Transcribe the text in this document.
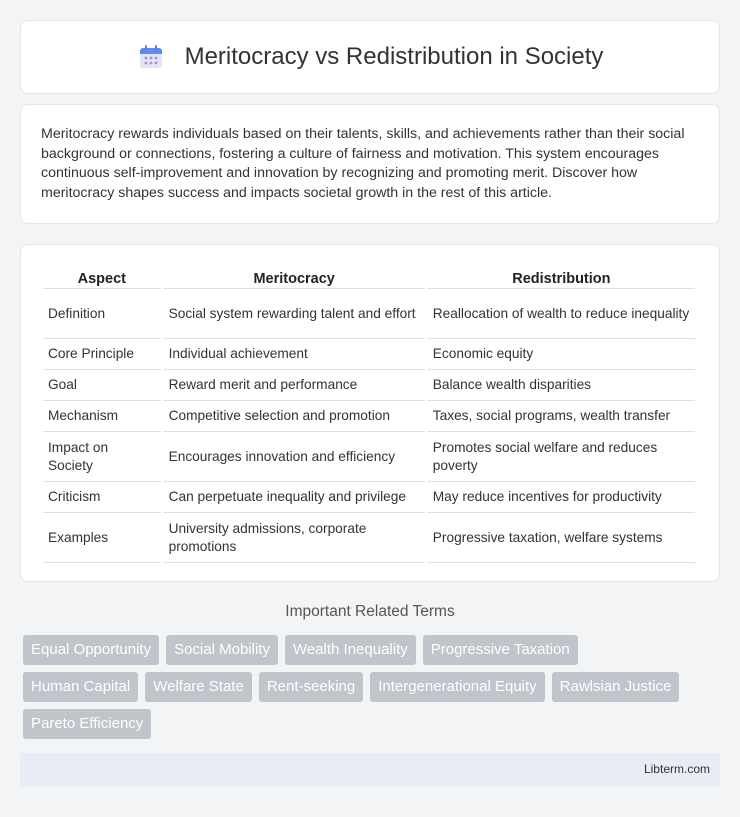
Meritocracy vs Redistribution in Society

Meritocracy rewards individuals based on their talents, skills, and achievements rather than their social background or connections, fostering a culture of fairness and motivation. This system encourages continuous self-improvement and innovation by recognizing and promoting merit. Discover how meritocracy shapes success and impacts societal growth in the rest of this article.

Aspect	Meritocracy	Redistribution
Definition	Social system rewarding talent and effort	Reallocation of wealth to reduce inequality
Core Principle	Individual achievement	Economic equity
Goal	Reward merit and performance	Balance wealth disparities
Mechanism	Competitive selection and promotion	Taxes, social programs, wealth transfer
Impact on Society	Encourages innovation and efficiency	Promotes social welfare and reduces poverty
Criticism	Can perpetuate inequality and privilege	May reduce incentives for productivity
Examples	University admissions, corporate promotions	Progressive taxation, welfare systems
Important Related Terms
Equal Opportunity	Social Mobility	Wealth Inequality	Progressive Taxation
Human Capital	Welfare State	Rent-seeking	Intergenerational Equity	Rawlsian Justice
Pareto Efficiency
Libterm.com
